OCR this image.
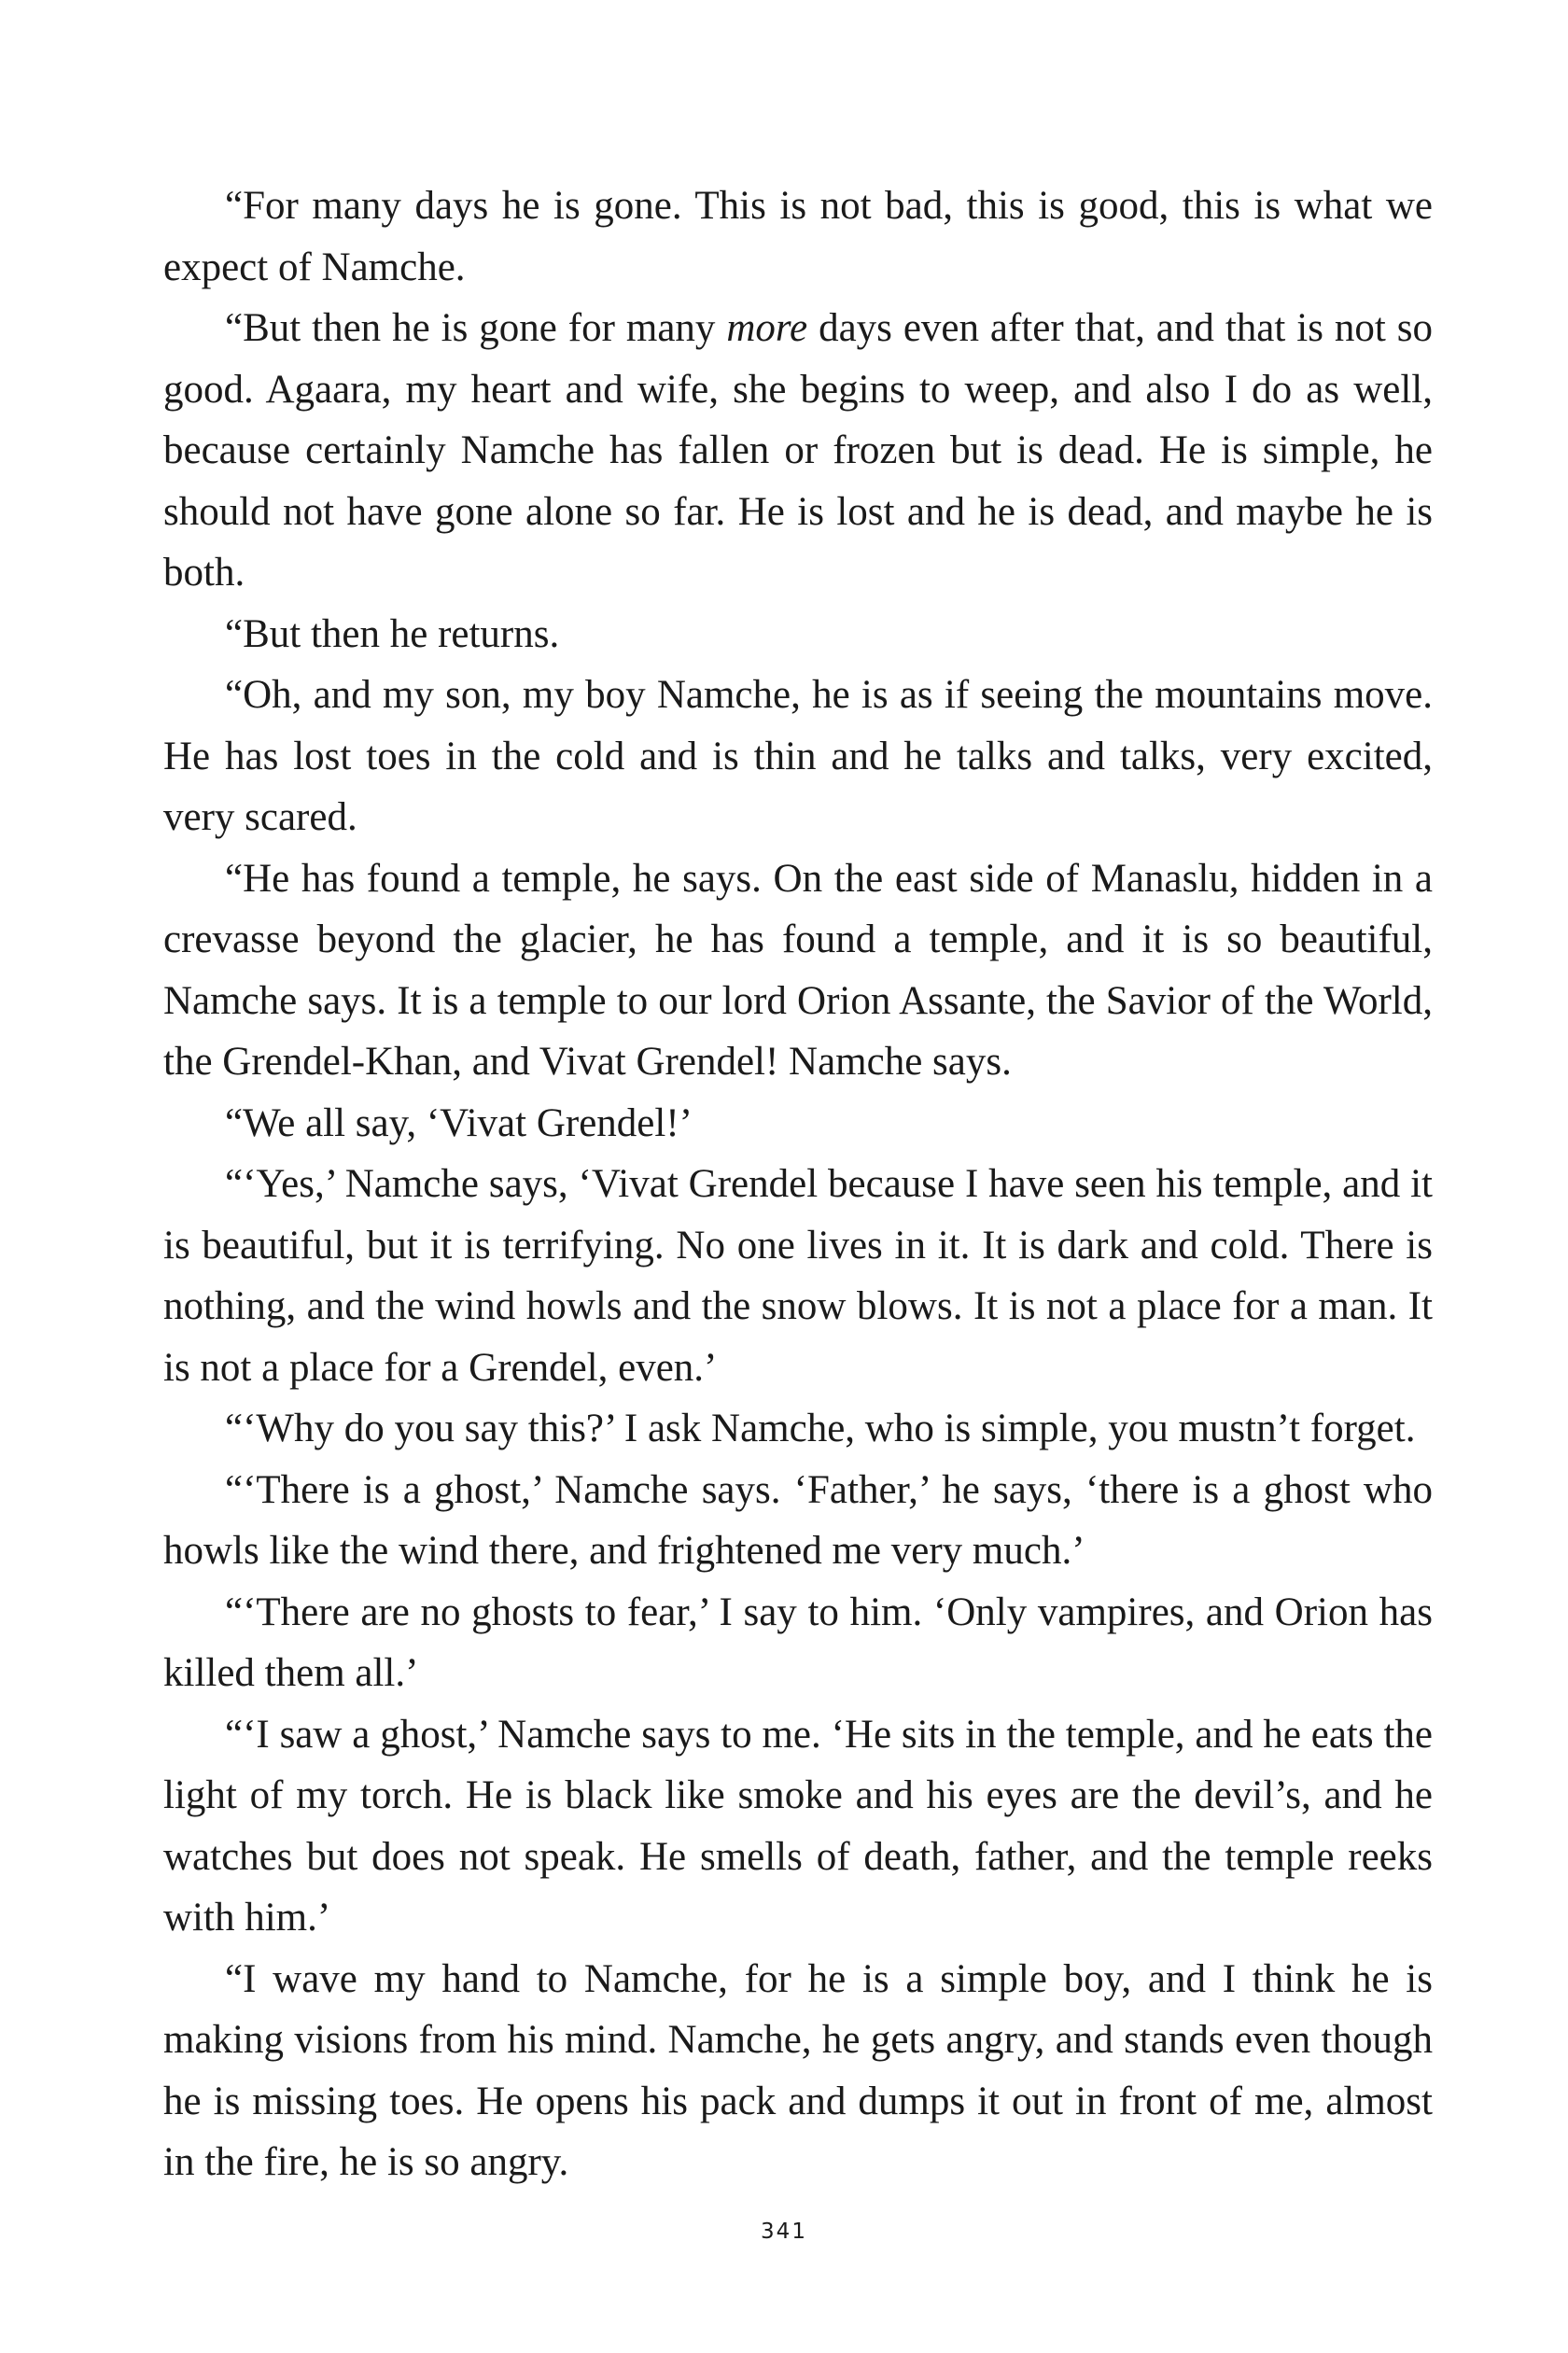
“For many days he is gone. This is not bad, this is good, this is what we expect of Namche.

“But then he is gone for many more days even after that, and that is not so good. Agaara, my heart and wife, she begins to weep, and also I do as well, because certainly Namche has fallen or frozen but is dead. He is simple, he should not have gone alone so far. He is lost and he is dead, and maybe he is both.

“But then he returns.

“Oh, and my son, my boy Namche, he is as if seeing the mountains move. He has lost toes in the cold and is thin and he talks and talks, very excited, very scared.

“He has found a temple, he says. On the east side of Manaslu, hidden in a crevasse beyond the glacier, he has found a temple, and it is so beautiful, Namche says. It is a temple to our lord Orion Assante, the Savior of the World, the Grendel-Khan, and Vivat Grendel! Namche says.

“We all say, ‘Vivat Grendel!’

“‘Yes,’ Namche says, ‘Vivat Grendel because I have seen his temple, and it is beautiful, but it is terrifying. No one lives in it. It is dark and cold. There is nothing, and the wind howls and the snow blows. It is not a place for a man. It is not a place for a Grendel, even.’

“‘Why do you say this?’ I ask Namche, who is simple, you mustn’t forget.

“‘There is a ghost,’ Namche says. ‘Father,’ he says, ‘there is a ghost who howls like the wind there, and frightened me very much.’

“‘There are no ghosts to fear,’ I say to him. ‘Only vampires, and Orion has killed them all.’

“‘I saw a ghost,’ Namche says to me. ‘He sits in the temple, and he eats the light of my torch. He is black like smoke and his eyes are the devil’s, and he watches but does not speak. He smells of death, father, and the temple reeks with him.’

“I wave my hand to Namche, for he is a simple boy, and I think he is making visions from his mind. Namche, he gets angry, and stands even though he is missing toes. He opens his pack and dumps it out in front of me, almost in the fire, he is so angry.

341
